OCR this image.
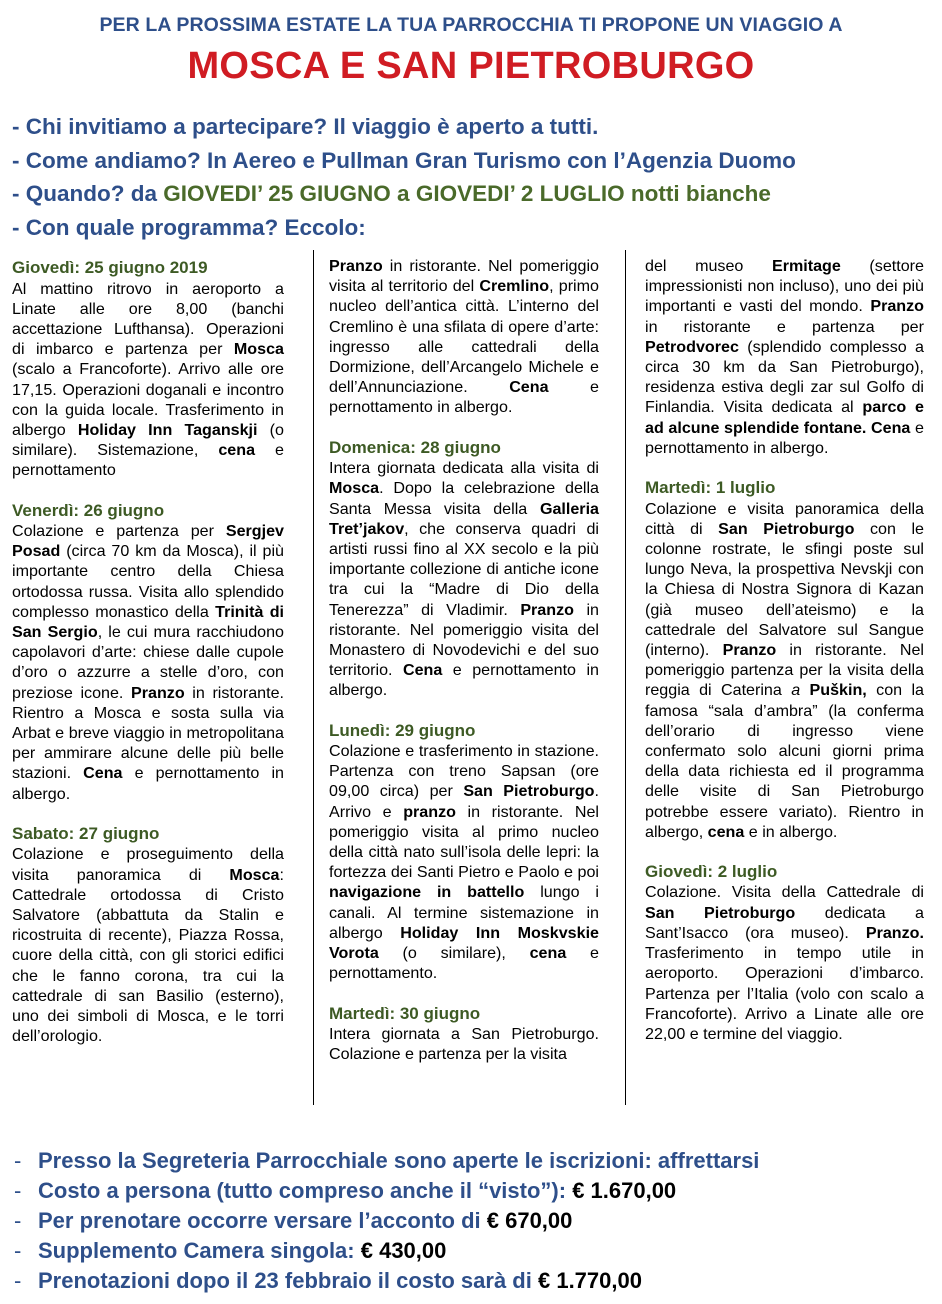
PER LA PROSSIMA ESTATE LA TUA PARROCCHIA TI PROPONE UN VIAGGIO A
MOSCA E SAN PIETROBURGO
- Chi invitiamo a partecipare? Il viaggio è aperto a tutti.
- Come andiamo? In Aereo e Pullman Gran Turismo con l’Agenzia Duomo
- Quando? da GIOVEDI’ 25 GIUGNO a GIOVEDI’ 2 LUGLIO notti bianche
- Con quale programma? Eccolo:
Giovedì: 25 giugno 2019
Al mattino ritrovo in aeroporto a Linate alle ore 8,00 (banchi accettazione Lufthansa). Operazioni di imbarco e partenza per Mosca (scalo a Francoforte). Arrivo alle ore 17,15. Operazioni doganali e incontro con la guida locale. Trasferimento in albergo Holiday Inn Taganskji (o similare). Sistemazione, cena e pernottamento
Venerdì: 26 giugno
Colazione e partenza per Sergjev Posad (circa 70 km da Mosca), il più importante centro della Chiesa ortodossa russa. Visita allo splendido complesso monastico della Trinità di San Sergio, le cui mura racchiudono capolavori d’arte: chiese dalle cupole d’oro o azzurre a stelle d’oro, con preziose icone. Pranzo in ristorante. Rientro a Mosca e sosta sulla via Arbat e breve viaggio in metropolitana per ammirare alcune delle più belle stazioni. Cena e pernottamento in albergo.
Sabato: 27 giugno
Colazione e proseguimento della visita panoramica di Mosca: Cattedrale ortodossa di Cristo Salvatore (abbattuta da Stalin e ricostruita di recente), Piazza Rossa, cuore della città, con gli storici edifici che le fanno corona, tra cui la cattedrale di san Basilio (esterno), uno dei simboli di Mosca, e le torri dell’orologio.
Pranzo in ristorante. Nel pomeriggio visita al territorio del Cremlino, primo nucleo dell’antica città. L’interno del Cremlino è una sfilata di opere d’arte: ingresso alle cattedrali della Dormizione, dell’Arcangelo Michele e dell’Annunciazione. Cena e pernottamento in albergo.
Domenica: 28 giugno
Intera giornata dedicata alla visita di Mosca. Dopo la celebrazione della Santa Messa visita della Galleria Tret’jakov, che conserva quadri di artisti russi fino al XX secolo e la più importante collezione di antiche icone tra cui la “Madre di Dio della Tenerezza” di Vladimir. Pranzo in ristorante. Nel pomeriggio visita del Monastero di Novodevichi e del suo territorio. Cena e pernottamento in albergo.
Lunedì: 29 giugno
Colazione e trasferimento in stazione. Partenza con treno Sapsan (ore 09,00 circa) per San Pietroburgo. Arrivo e pranzo in ristorante. Nel pomeriggio visita al primo nucleo della città nato sull’isola delle lepri: la fortezza dei Santi Pietro e Paolo e poi navigazione in battello lungo i canali. Al termine sistemazione in albergo Holiday Inn Moskvskie Vorota (o similare), cena e pernottamento.
Martedì: 30 giugno
Intera giornata a San Pietroburgo. Colazione e partenza per la visita
del museo Ermitage (settore impressionisti non incluso), uno dei più importanti e vasti del mondo. Pranzo in ristorante e partenza per Petrodvorec (splendido complesso a circa 30 km da San Pietroburgo), residenza estiva degli zar sul Golfo di Finlandia. Visita dedicata al parco e ad alcune splendide fontane. Cena e pernottamento in albergo.
Martedì: 1 luglio
Colazione e visita panoramica della città di San Pietroburgo con le colonne rostrate, le sfingi poste sul lungo Neva, la prospettiva Nevskji con la Chiesa di Nostra Signora di Kazan (già museo dell’ateismo) e la cattedrale del Salvatore sul Sangue (interno). Pranzo in ristorante. Nel pomeriggio partenza per la visita della reggia di Caterina a Puškin, con la famosa “sala d’ambra” (la conferma dell’orario di ingresso viene confermato solo alcuni giorni prima della data richiesta ed il programma delle visite di San Pietroburgo potrebbe essere variato). Rientro in albergo, cena e in albergo.
Giovedì: 2 luglio
Colazione. Visita della Cattedrale di San Pietroburgo dedicata a Sant’Isacco (ora museo). Pranzo. Trasferimento in tempo utile in aeroporto. Operazioni d’imbarco. Partenza per l’Italia (volo con scalo a Francoforte). Arrivo a Linate alle ore 22,00 e termine del viaggio.
- Presso la Segreteria Parrocchiale sono aperte le iscrizioni: affrettarsi
- Costo a persona (tutto compreso anche il “visto”): € 1.670,00
- Per prenotare occorre versare l’acconto di € 670,00
- Supplemento Camera singola: € 430,00
- Prenotazioni dopo il 23 febbraio il costo sarà di € 1.770,00
